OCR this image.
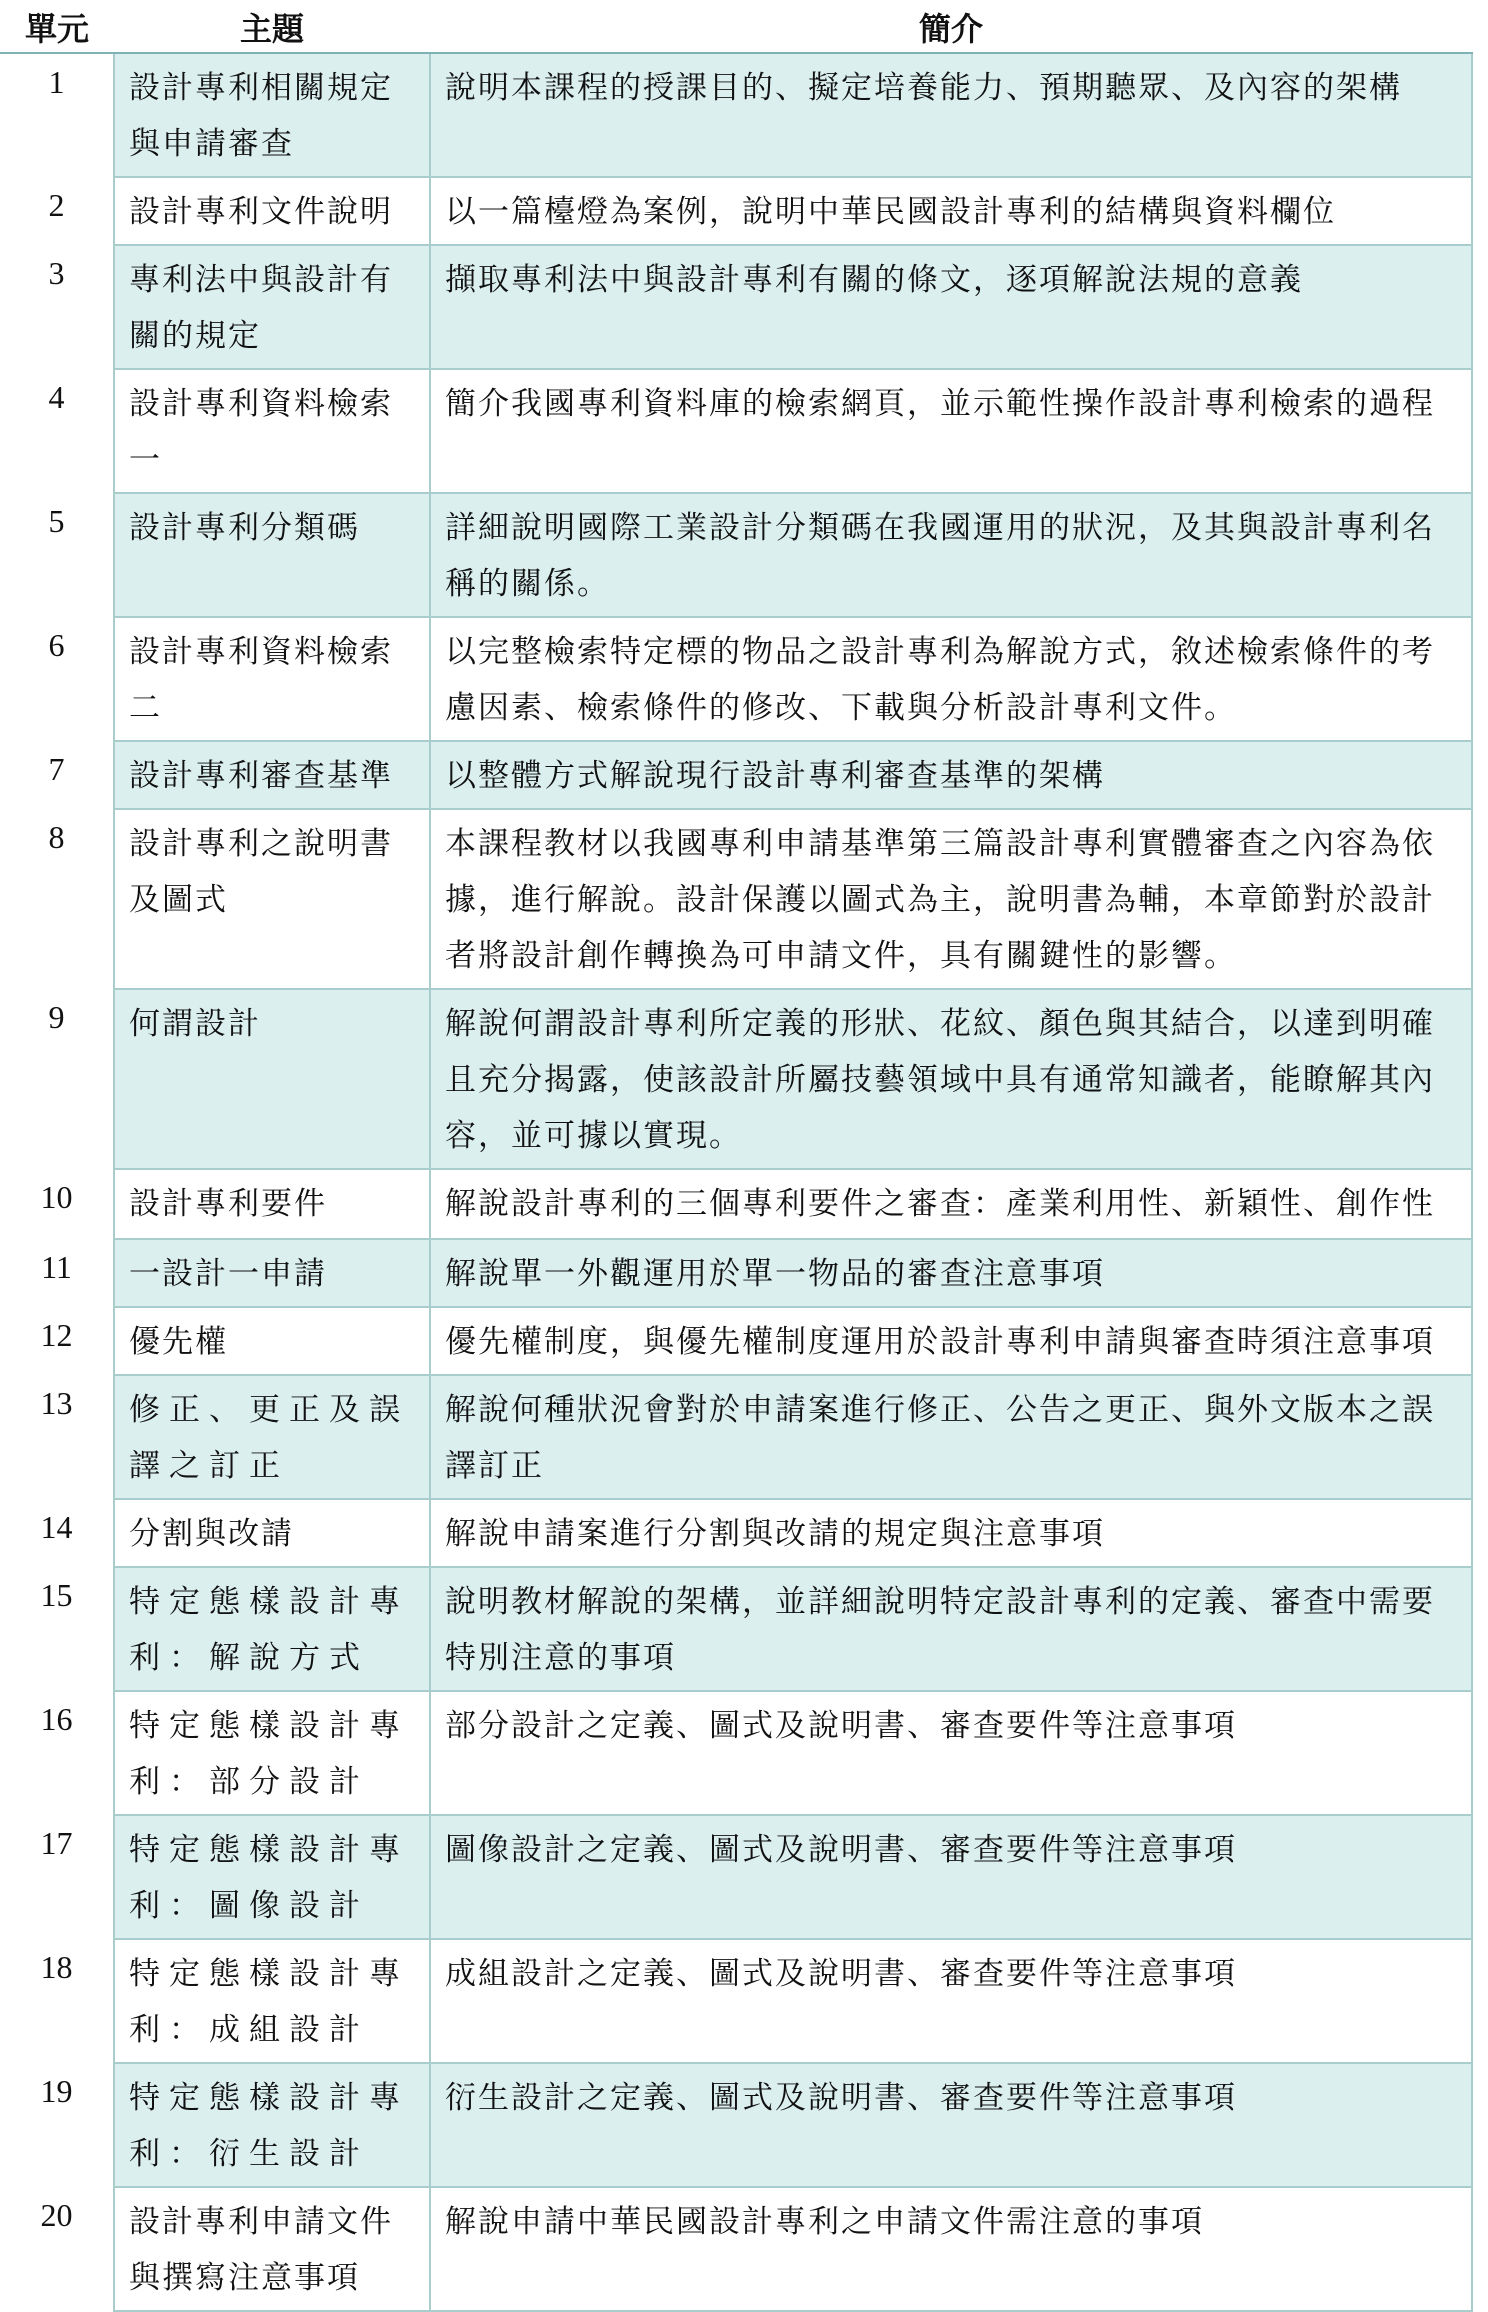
單元	主題	簡介
1	設計專利相關規定與申請審查	說明本課程的授課目的、擬定培養能力、預期聽眾、及內容的架構
2	設計專利文件說明	以一篇檯燈為案例，說明中華民國設計專利的結構與資料欄位
3	專利法中與設計有關的規定	擷取專利法中與設計專利有關的條文，逐項解說法規的意義
4	設計專利資料檢索一	簡介我國專利資料庫的檢索網頁，並示範性操作設計專利檢索的過程
5	設計專利分類碼	詳細說明國際工業設計分類碼在我國運用的狀況，及其與設計專利名稱的關係。
6	設計專利資料檢索二	以完整檢索特定標的物品之設計專利為解說方式，敘述檢索條件的考慮因素、檢索條件的修改、下載與分析設計專利文件。
7	設計專利審查基準	以整體方式解說現行設計專利審查基準的架構
8	設計專利之說明書及圖式	本課程教材以我國專利申請基準第三篇設計專利實體審查之內容為依據，進行解說。設計保護以圖式為主，說明書為輔，本章節對於設計者將設計創作轉換為可申請文件，具有關鍵性的影響。
9	何謂設計	解說何謂設計專利所定義的形狀、花紋、顏色與其結合，以達到明確且充分揭露，使該設計所屬技藝領域中具有通常知識者，能瞭解其內容，並可據以實現。
10	設計專利要件	解說設計專利的三個專利要件之審查：產業利用性、新穎性、創作性
11	一設計一申請	解說單一外觀運用於單一物品的審查注意事項
12	優先權	優先權制度，與優先權制度運用於設計專利申請與審查時須注意事項
13	修正、更正及誤譯之訂正	解說何種狀況會對於申請案進行修正、公告之更正、與外文版本之誤譯訂正
14	分割與改請	解說申請案進行分割與改請的規定與注意事項
15	特定態樣設計專利：解說方式	說明教材解說的架構，並詳細說明特定設計專利的定義、審查中需要特別注意的事項
16	特定態樣設計專利：部分設計	部分設計之定義、圖式及說明書、審查要件等注意事項
17	特定態樣設計專利：圖像設計	圖像設計之定義、圖式及說明書、審查要件等注意事項
18	特定態樣設計專利：成組設計	成組設計之定義、圖式及說明書、審查要件等注意事項
19	特定態樣設計專利：衍生設計	衍生設計之定義、圖式及說明書、審查要件等注意事項
20	設計專利申請文件與撰寫注意事項	解說申請中華民國設計專利之申請文件需注意的事項
